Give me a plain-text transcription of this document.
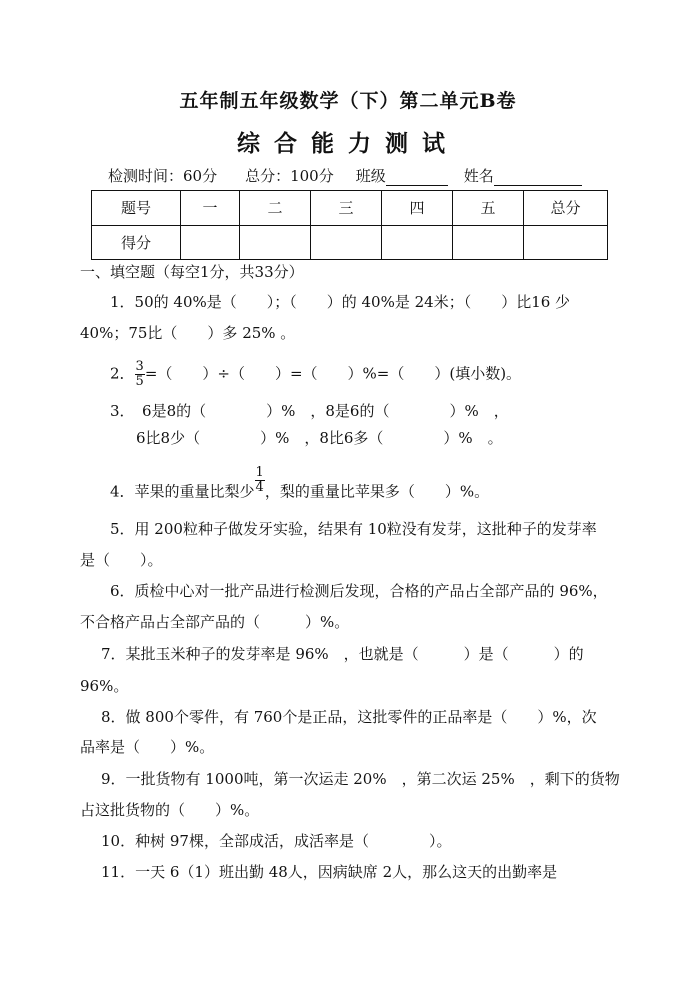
五年制五年级数学（下）第二单元B卷
综合能力测试
检测时间：60分 总分：100分 班级	姓名
题号	一	二	三	四	五	总分
得分						
一、填空题（每空1分，共33分）
1．50的 40%是（　　）；（　　）的 40%是 24米；（　　）比16 少
40%；75比（　　）多 25% 。
2． $\frac{3}{5}$ =（　　）÷（　　）=（　　）%=（　　）(填小数)。
3．　6是8的（　　　　）%　，8是6的（　　　　）%　，
6比8少（　　　　）%　，8比6多（　　　　）%　。
4．苹果的重量比梨少 $\frac{1}{4}$ ，梨的重量比苹果多（　　）%。
5．用 200粒种子做发牙实验，结果有 10粒没有发芽，这批种子的发芽率
是（　　）。
6．质检中心对一批产品进行检测后发现，合格的产品占全部产品的 96%，
不合格产品占全部产品的（　　　）%。
7．某批玉米种子的发芽率是 96%　，也就是（　　　）是（　　　）的
96%。
8．做 800个零件，有 760个是正品，这批零件的正品率是（　　）%，次
品率是（　　）%。
9．一批货物有 1000吨，第一次运走 20%　，第二次运 25%　，剩下的货物
占这批货物的（　　）%。
10．种树 97棵，全部成活，成活率是（　　　　）。
11．一天 6（1）班出勤 48人，因病缺席 2人，那么这天的出勤率是
